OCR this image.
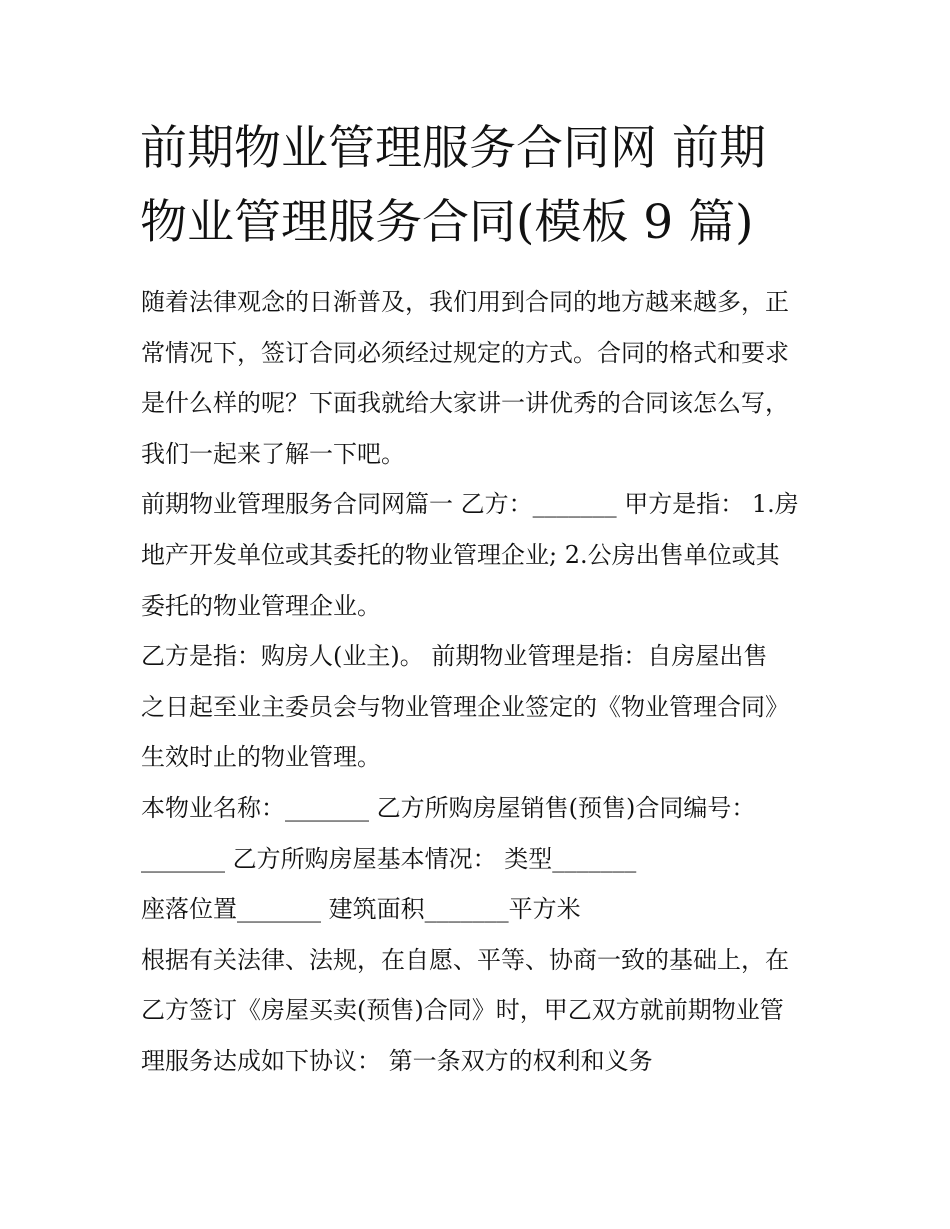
前期物业管理服务合同网 前期
物业管理服务合同(模板 9 篇)

随着法律观念的日渐普及，我们用到合同的地方越来越多，正
常情况下，签订合同必须经过规定的方式。合同的格式和要求
是什么样的呢？下面我就给大家讲一讲优秀的合同该怎么写，
我们一起来了解一下吧。

前期物业管理服务合同网篇一 乙方：_______ 甲方是指： 1.房
地产开发单位或其委托的物业管理企业; 2.公房出售单位或其
委托的物业管理企业。

乙方是指：购房人(业主)。 前期物业管理是指：自房屋出售
之日起至业主委员会与物业管理企业签定的《物业管理合同》
生效时止的物业管理。

本物业名称：_______ 乙方所购房屋销售(预售)合同编号：
_______ 乙方所购房屋基本情况： 类型_______
座落位置_______ 建筑面积_______平方米

根据有关法律、法规，在自愿、平等、协商一致的基础上，在
乙方签订《房屋买卖(预售)合同》时，甲乙双方就前期物业管
理服务达成如下协议： 第一条双方的权利和义务
